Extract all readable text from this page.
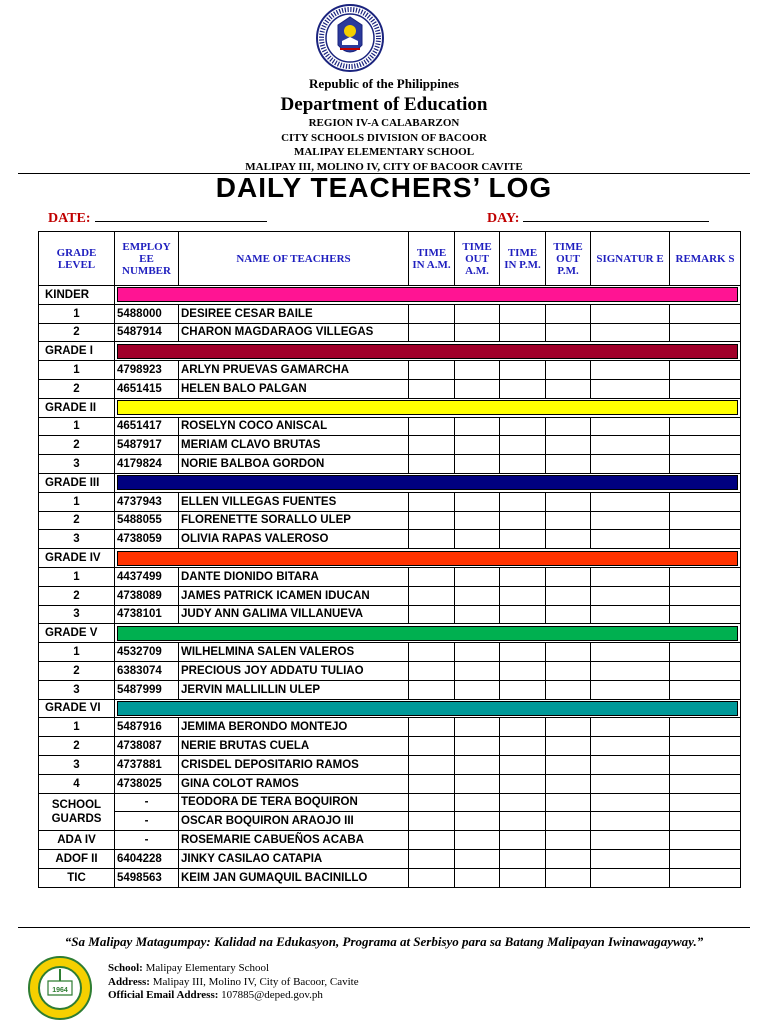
Republic of the Philippines
Department of Education
REGION IV-A CALABARZON
CITY SCHOOLS DIVISION OF BACOOR
MALIPAY ELEMENTARY SCHOOL
MALIPAY III, MOLINO IV, CITY OF BACOOR CAVITE
DAILY TEACHERS’ LOG
DATE:	DAY:
GRADE LEVEL	EMPLOY EE NUMBER	NAME OF TEACHERS	TIME IN A.M.	TIME OUT A.M.	TIME IN P.M.	TIME OUT P.M.	SIGNATUR E	REMARK S
KINDER								

1	5488000	DESIREE CESAR BAILE						
2	5487914	CHARON MAGDARAOG VILLEGAS						
GRADE I								

1	4798923	ARLYN PRUEVAS GAMARCHA						
2	4651415	HELEN BALO PALGAN						
GRADE II								

1	4651417	ROSELYN COCO ANISCAL						
2	5487917	MERIAM CLAVO BRUTAS						
3	4179824	NORIE BALBOA GORDON						
GRADE III								

1	4737943	ELLEN VILLEGAS FUENTES						
2	5488055	FLORENETTE SORALLO ULEP						
3	4738059	OLIVIA RAPAS VALEROSO						
GRADE IV								

1	4437499	DANTE DIONIDO BITARA						
2	4738089	JAMES PATRICK ICAMEN IDUCAN						
3	4738101	JUDY ANN GALIMA VILLANUEVA						
GRADE V								

1	4532709	WILHELMINA SALEN VALEROS						
2	6383074	PRECIOUS JOY ADDATU TULIAO						
3	5487999	JERVIN MALLILLIN ULEP						
GRADE VI								

1	5487916	JEMIMA BERONDO MONTEJO						
2	4738087	NERIE BRUTAS CUELA						
3	4737881	CRISDEL DEPOSITARIO RAMOS						
4	4738025	GINA COLOT RAMOS						
SCHOOL GUARDS	-	TEODORA DE TERA BOQUIRON						
	-	OSCAR BOQUIRON ARAOJO III						
ADA IV	-	ROSEMARIE CABUEÑOS ACABA						
ADOF II	6404228	JINKY CASILAO CATAPIA						
TIC	5498563	KEIM JAN GUMAQUIL BACINILLO						
“Sa Malipay Matagumpay: Kalidad na Edukasyon, Programa at Serbisyo para sa Batang Malipayan Iwinawagayway.”
1964
School: Malipay Elementary School
Address: Malipay III, Molino IV, City of Bacoor, Cavite
Official Email Address: 107885@deped.gov.ph
